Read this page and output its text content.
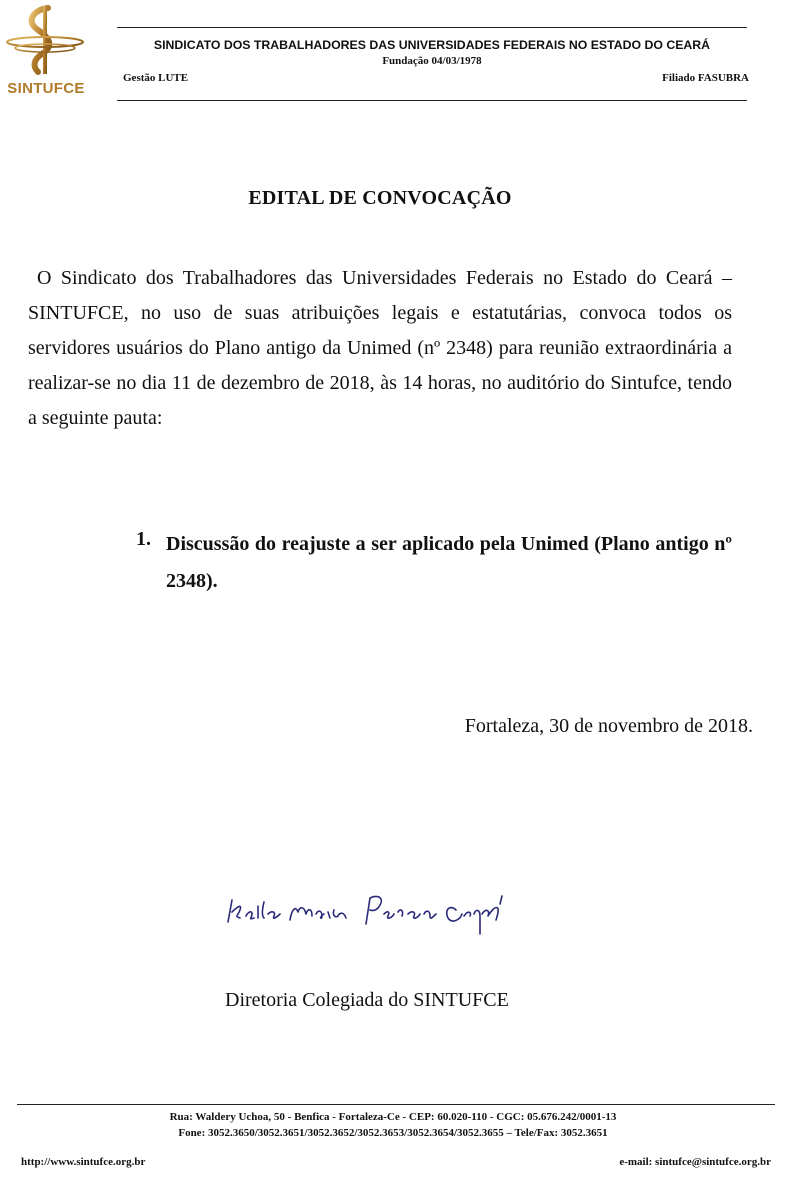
SINTUFCE
SINDICATO DOS TRABALHADORES DAS UNIVERSIDADES FEDERAIS NO ESTADO DO CEARÁ
Fundação 04/03/1978
Gestão LUTE	Filiado FASUBRA
EDITAL DE CONVOCAÇÃO
O Sindicato dos Trabalhadores das Universidades Federais no Estado do Ceará – SINTUFCE, no uso de suas atribuições legais e estatutárias, convoca todos os servidores usuários do Plano antigo da Unimed (nº 2348) para reunião extraordinária a realizar-se no dia 11 de dezembro de 2018, às 14 horas, no auditório do Sintufce, tendo a seguinte pauta:
1. Discussão do reajuste a ser aplicado pela Unimed (Plano antigo nº 2348).
Fortaleza, 30 de novembro de 2018.
Diretoria Colegiada do SINTUFCE
Rua: Waldery Uchoa, 50 - Benfica - Fortaleza-Ce - CEP: 60.020-110 - CGC: 05.676.242/0001-13
Fone: 3052.3650/3052.3651/3052.3652/3052.3653/3052.3654/3052.3655 – Tele/Fax: 3052.3651
http://www.sintufce.org.br	e-mail: sintufce@sintufce.org.br
